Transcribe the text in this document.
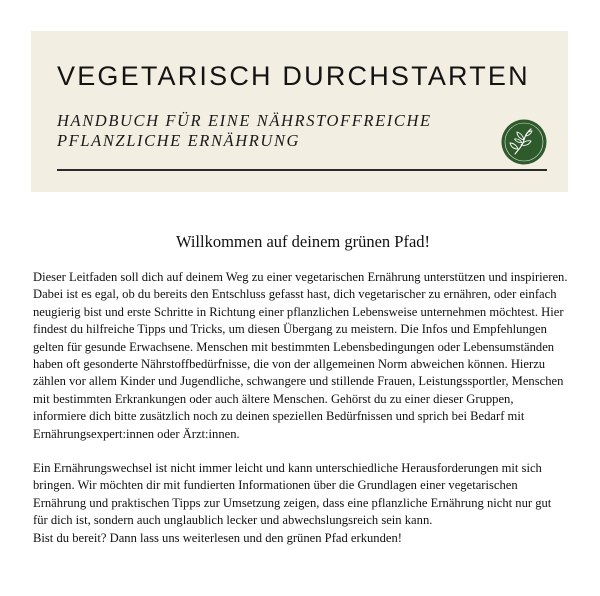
VEGETARISCH DURCHSTARTEN
HANDBUCH FÜR EINE NÄHRSTOFFREICHE
PFLANZLICHE ERNÄHRUNG
Willkommen auf deinem grünen Pfad!

Dieser Leitfaden soll dich auf deinem Weg zu einer vegetarischen Ernährung unterstützen und inspirieren.
Dabei ist es egal, ob du bereits den Entschluss gefasst hast, dich vegetarischer zu ernähren, oder einfach
neugierig bist und erste Schritte in Richtung einer pflanzlichen Lebensweise unternehmen möchtest. Hier
findest du hilfreiche Tipps und Tricks, um diesen Übergang zu meistern. Die Infos und Empfehlungen
gelten für gesunde Erwachsene. Menschen mit bestimmten Lebensbedingungen oder Lebensumständen
haben oft gesonderte Nährstoffbedürfnisse, die von der allgemeinen Norm abweichen können. Hierzu
zählen vor allem Kinder und Jugendliche, schwangere und stillende Frauen, Leistungssportler, Menschen
mit bestimmten Erkrankungen oder auch ältere Menschen. Gehörst du zu einer dieser Gruppen,
informiere dich bitte zusätzlich noch zu deinen speziellen Bedürfnissen und sprich bei Bedarf mit
Ernährungsexpert:innen oder Ärzt:innen.

Ein Ernährungswechsel ist nicht immer leicht und kann unterschiedliche Herausforderungen mit sich
bringen. Wir möchten dir mit fundierten Informationen über die Grundlagen einer vegetarischen
Ernährung und praktischen Tipps zur Umsetzung zeigen, dass eine pflanzliche Ernährung nicht nur gut
für dich ist, sondern auch unglaublich lecker und abwechslungsreich sein kann.
Bist du bereit? Dann lass uns weiterlesen und den grünen Pfad erkunden!
